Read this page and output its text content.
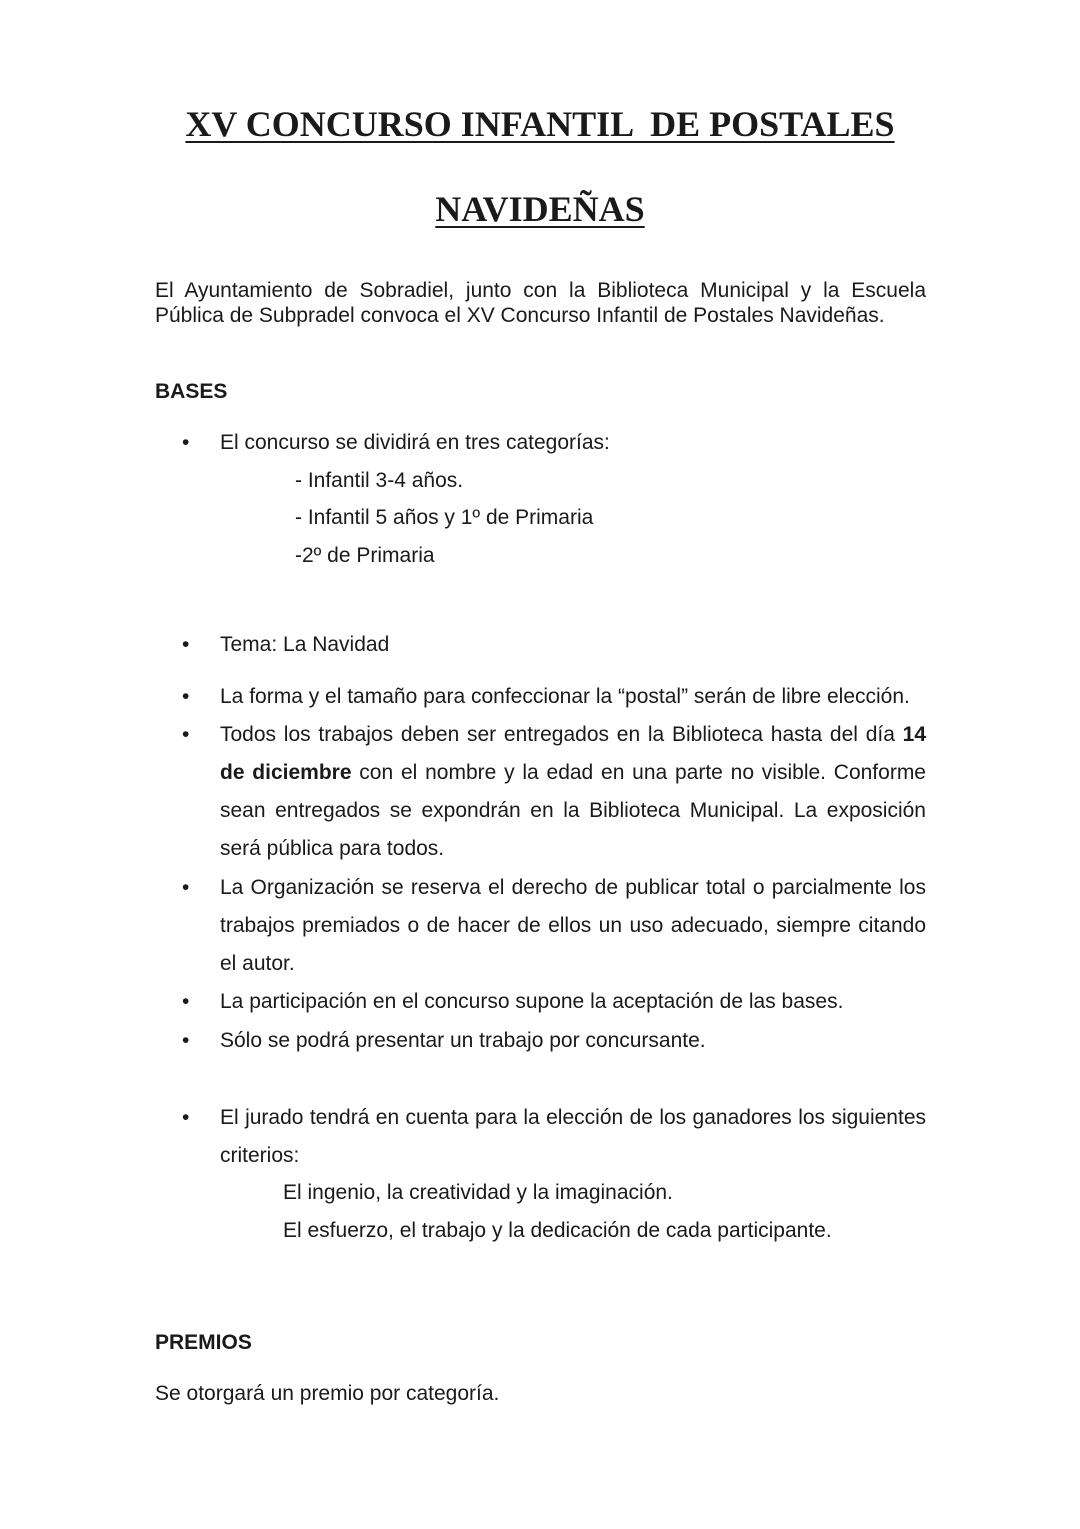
XV CONCURSO INFANTIL  DE POSTALES
NAVIDEÑAS

El Ayuntamiento de Sobradiel, junto con la Biblioteca Municipal y la Escuela Pública de Subpradel convoca el XV Concurso Infantil de Postales Navideñas.

BASES

• El concurso se dividirá en tres categorías:

- Infantil 3-4 años.

- Infantil 5 años y 1º de Primaria

-2º de Primaria

• Tema: La Navidad

• La forma y el tamaño para confeccionar la “postal” serán de libre elección.

• Todos los trabajos deben ser entregados en la Biblioteca hasta del día 14 de diciembre con el nombre y la edad en una parte no visible. Conforme sean entregados se expondrán en la Biblioteca Municipal. La exposición será pública para todos.

• La Organización se reserva el derecho de publicar total o parcialmente los trabajos premiados o de hacer de ellos un uso adecuado, siempre citando el autor.

• La participación en el concurso supone la aceptación de las bases.

• Sólo se podrá presentar un trabajo por concursante.

• El jurado tendrá en cuenta para la elección de los ganadores los siguientes criterios:

El ingenio, la creatividad y la imaginación.

El esfuerzo, el trabajo y la dedicación de cada participante.

PREMIOS

Se otorgará un premio por categoría.
